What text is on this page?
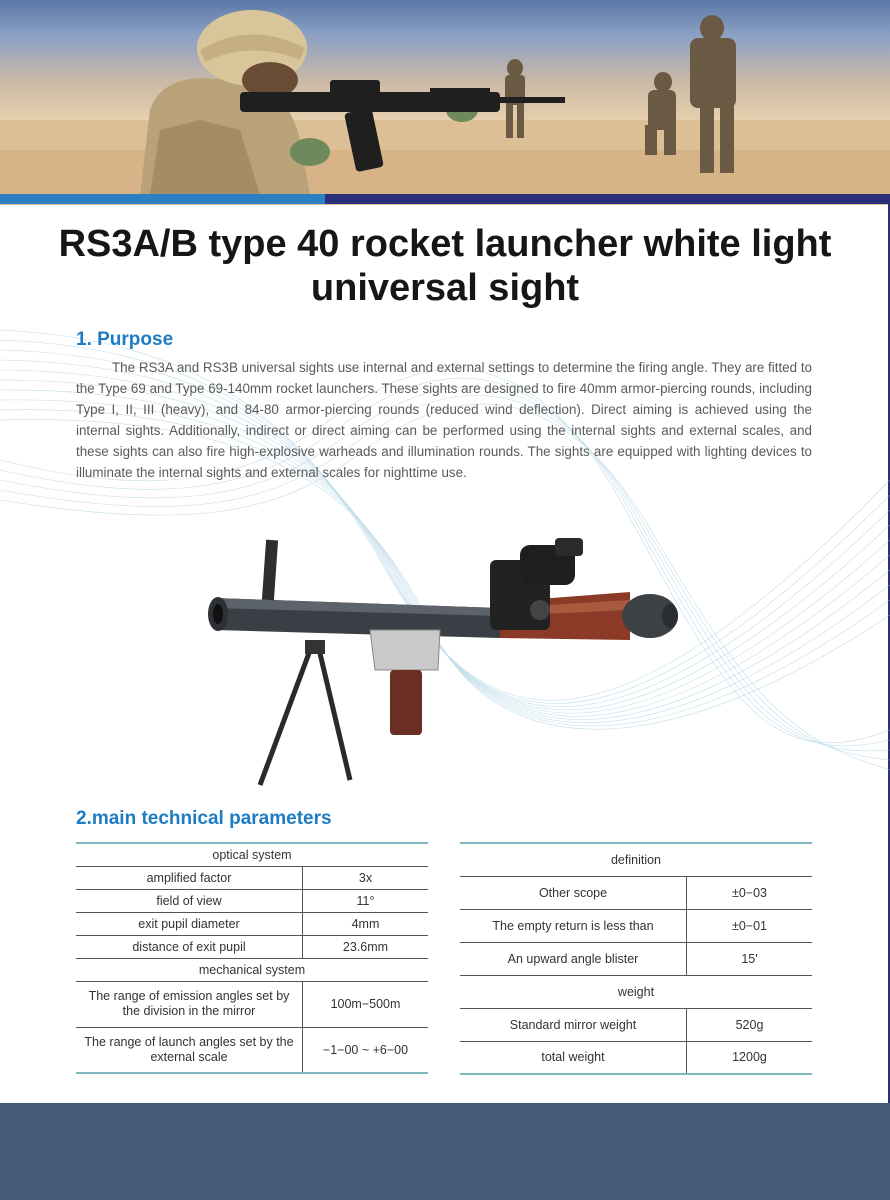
RS3A/B type 40 rocket launcher white light universal sight
1. Purpose
The RS3A and RS3B universal sights use internal and external settings to determine the firing angle. They are fitted to the Type 69 and Type 69-140mm rocket launchers. These sights are designed to fire 40mm armor-piercing rounds, including Type I, II, III (heavy), and 84-80 armor-piercing rounds (reduced wind deflection). Direct aiming is achieved using the internal sights. Additionally, indirect or direct aiming can be performed using the internal sights and external scales, and these sights can also fire high-explosive warheads and illumination rounds. The sights are equipped with lighting devices to illuminate the internal sights and external scales for nighttime use.
2.main technical parameters
optical system	
amplified factor	3x
field of view	11°
exit pupil diameter	4mm
distance of exit pupil	23.6mm
mechanical system	
The range of emission angles set by the division in the mirror	100m−500m
The range of launch angles set by the external scale	−1−00 ~ +6−00
definition	
Other scope	±0−03
The empty return is less than	±0−01
An upward angle blister	15'
weight	
Standard mirror weight	520g
total weight	1200g
